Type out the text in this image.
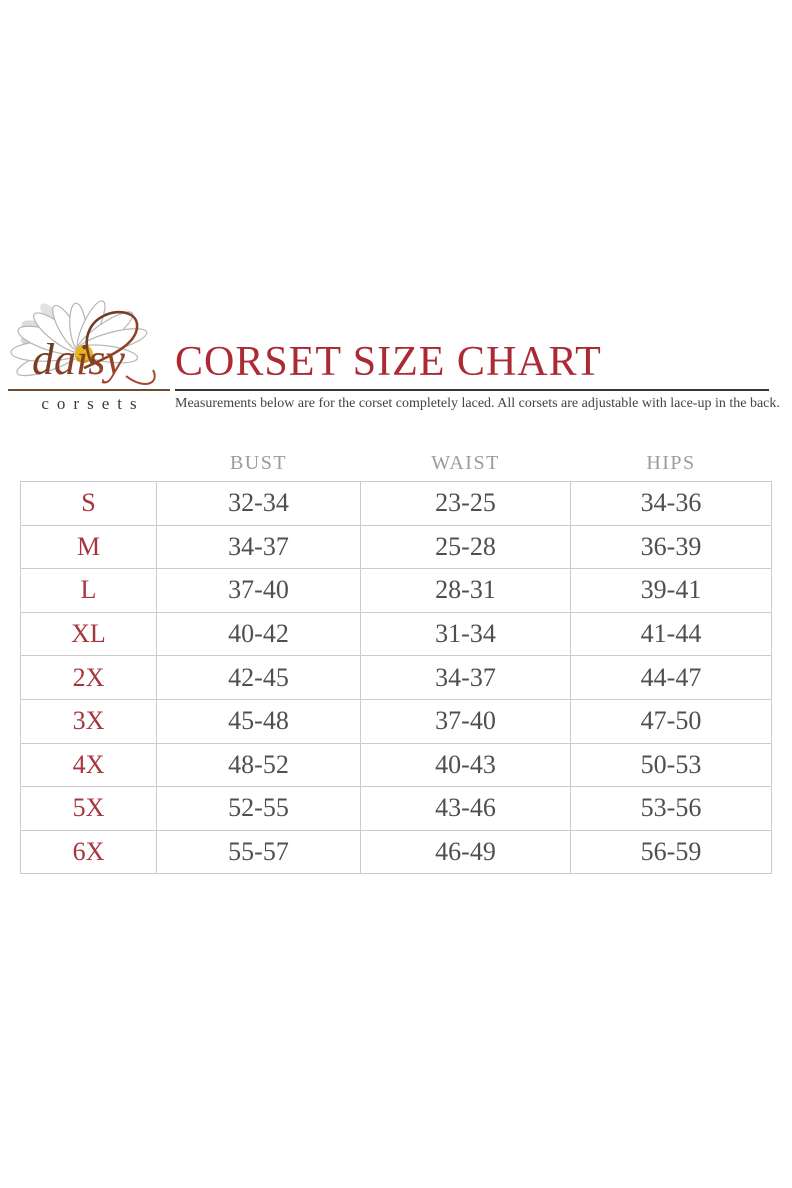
daisy
corsets
CORSET SIZE CHART

Measurements below are for the corset completely laced. All corsets are adjustable with lace-up in the back.

	BUST	WAIST	HIPS
S	32-34	23-25	34-36
M	34-37	25-28	36-39
L	37-40	28-31	39-41
XL	40-42	31-34	41-44
2X	42-45	34-37	44-47
3X	45-48	37-40	47-50
4X	48-52	40-43	50-53
5X	52-55	43-46	53-56
6X	55-57	46-49	56-59
